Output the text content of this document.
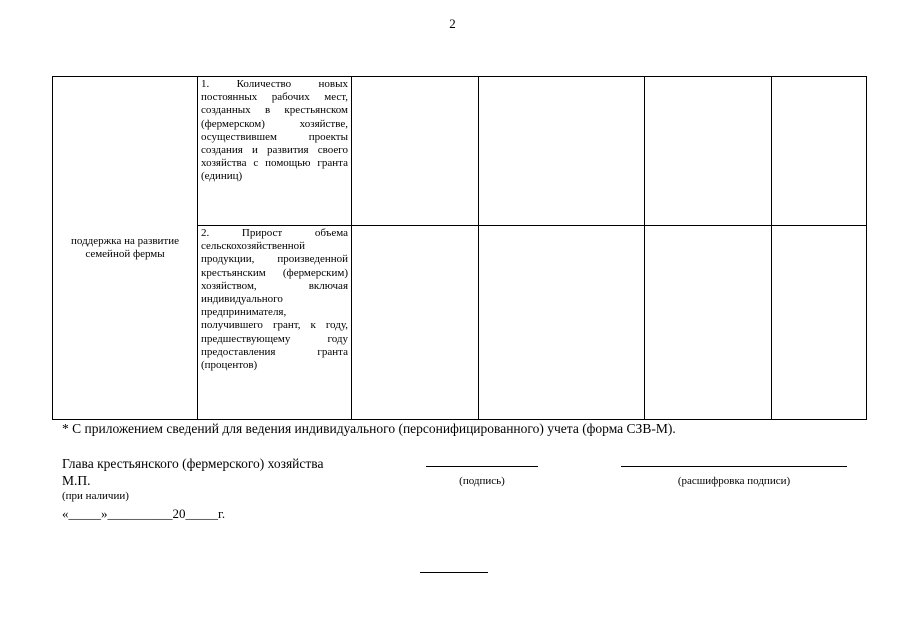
2
поддержка на развитие семейной фермы	1. Количество новых постоянных рабочих мест, созданных в крестьянском (фермерском) хозяйстве, осуществившем проекты создания и развития своего хозяйства с помощью гранта (единиц)				

	2. Прирост объема сельскохозяйственной продукции, произведенной крестьянским (фермерским) хозяйством, включая индивидуального предпринимателя, получившего грант, к году, предшествующему году предоставления гранта (процентов)				

* С приложением сведений для ведения индивидуального (персонифицированного) учета (форма СЗВ-М).
Глава крестьянского (фермерского) хозяйства
М.П.
(при наличии)
«_____»__________20_____г.
(подпись)	(расшифровка подписи)
